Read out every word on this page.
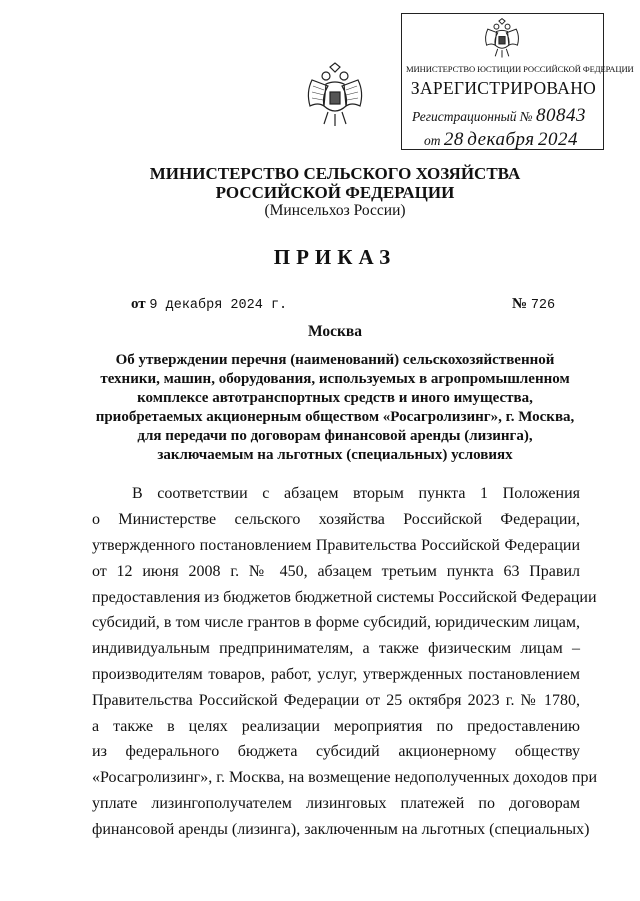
МИНИСТЕРСТВО ЮСТИЦИИ РОССИЙСКОЙ ФЕДЕРАЦИИ
ЗАРЕГИСТРИРОВАНО
Регистрационный № 80843
от 28 декабря 2024
МИНИСТЕРСТВО СЕЛЬСКОГО ХОЗЯЙСТВА
РОССИЙСКОЙ ФЕДЕРАЦИИ
(Минсельхоз России)
ПРИКАЗ
от 9 декабря 2024 г.	№ 726
Москва
Об утверждении перечня (наименований) сельскохозяйственной
техники, машин, оборудования, используемых в агропромышленном
комплексе автотранспортных средств и иного имущества,
приобретаемых акционерным обществом «Росагролизинг», г. Москва,
для передачи по договорам финансовой аренды (лизинга),
заключаемым на льготных (специальных) условиях
В соответствии с абзацем вторым пункта 1 Положения
о Министерстве сельского хозяйства Российской Федерации,
утвержденного постановлением Правительства Российской Федерации
от 12 июня 2008 г. № 450, абзацем третьим пункта 63 Правил
предоставления из бюджетов бюджетной системы Российской Федерации
субсидий, в том числе грантов в форме субсидий, юридическим лицам,
индивидуальным предпринимателям, а также физическим лицам –
производителям товаров, работ, услуг, утвержденных постановлением
Правительства Российской Федерации от 25 октября 2023 г. № 1780,
а также в целях реализации мероприятия по предоставлению
из федерального бюджета субсидий акционерному обществу
«Росагролизинг», г. Москва, на возмещение недополученных доходов при
уплате лизингополучателем лизинговых платежей по договорам
финансовой аренды (лизинга), заключенным на льготных (специальных)
